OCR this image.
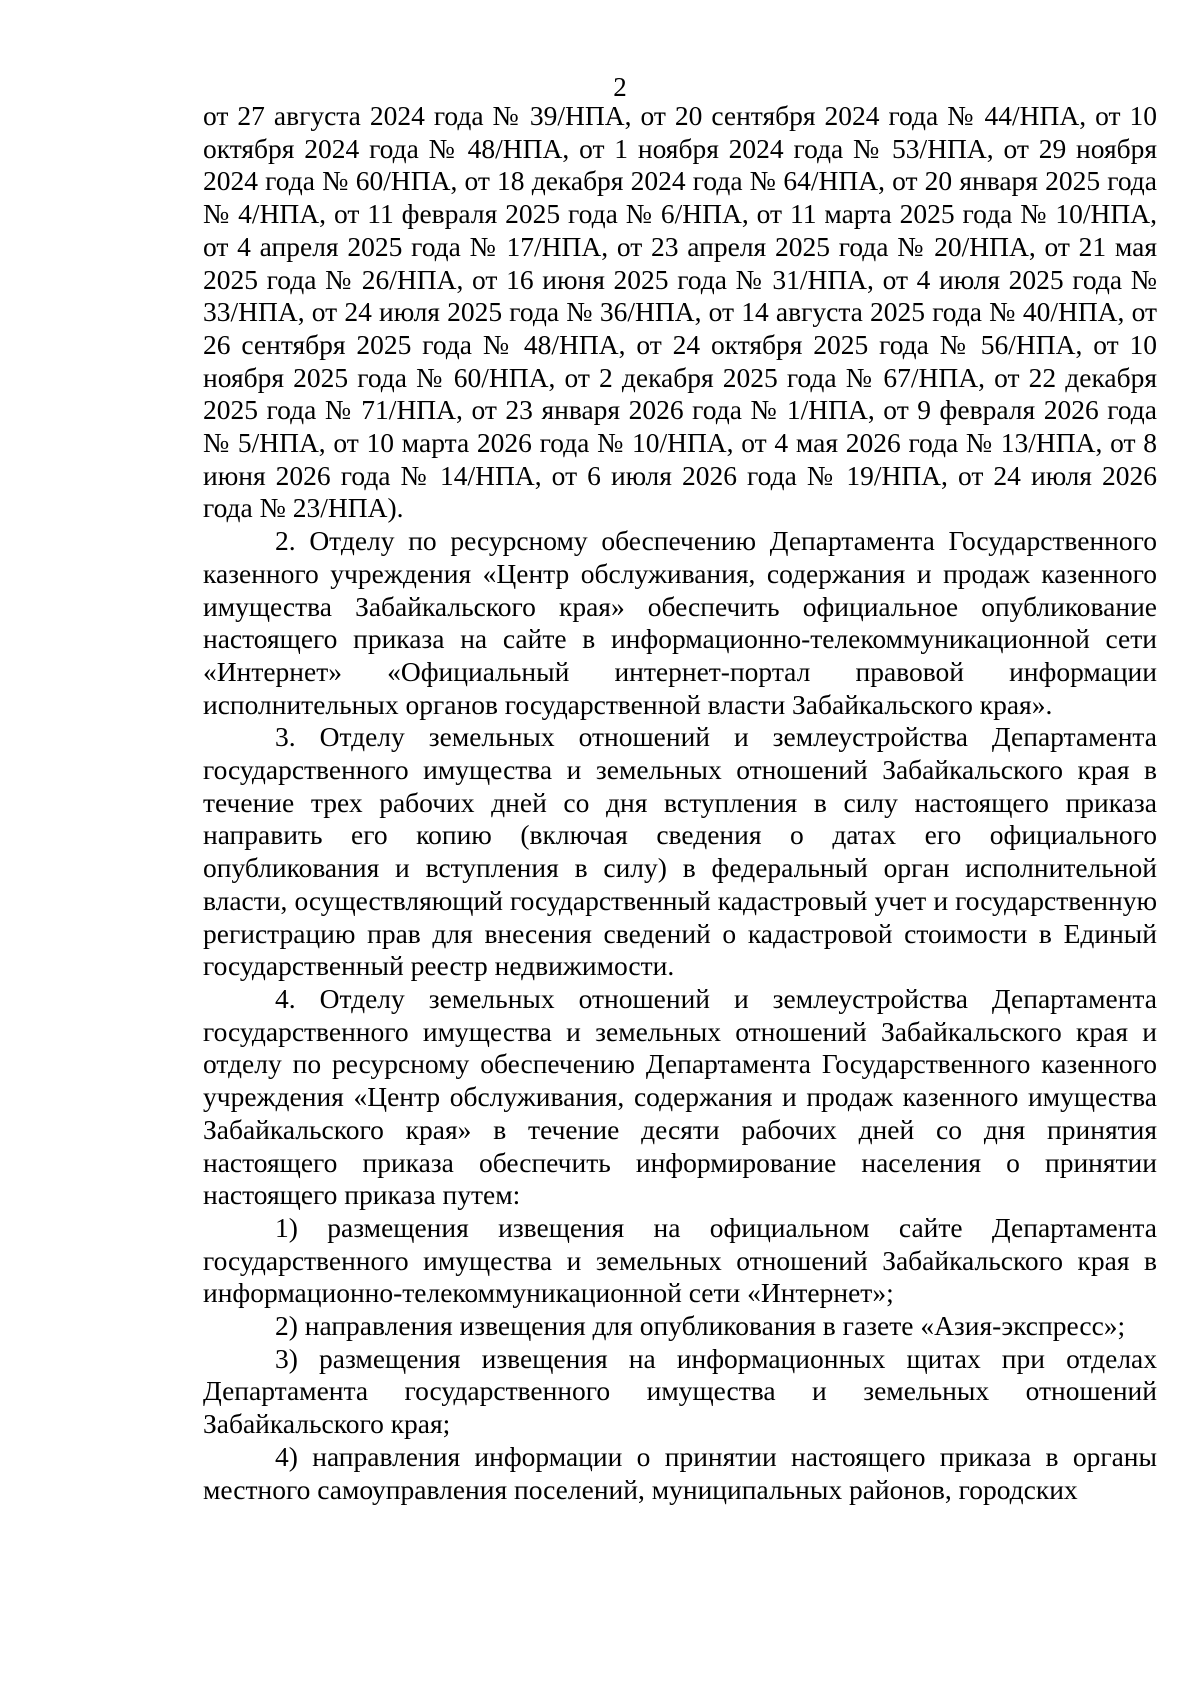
2

от 27 августа 2024 года № 39/НПА, от 20 сентября 2024 года № 44/НПА, от 10 октября 2024 года № 48/НПА, от 1 ноября 2024 года № 53/НПА, от 29 ноября 2024 года № 60/НПА, от 18 декабря 2024 года № 64/НПА, от 20 января 2025 года № 4/НПА, от 11 февраля 2025 года № 6/НПА, от 11 марта 2025 года № 10/НПА, от 4 апреля 2025 года № 17/НПА, от 23 апреля 2025 года № 20/НПА, от 21 мая 2025 года № 26/НПА, от 16 июня 2025 года № 31/НПА, от 4 июля 2025 года № 33/НПА, от 24 июля 2025 года № 36/НПА, от 14 августа 2025 года № 40/НПА, от 26 сентября 2025 года № 48/НПА, от 24 октября 2025 года № 56/НПА, от 10 ноября 2025 года № 60/НПА, от 2 декабря 2025 года № 67/НПА, от 22 декабря 2025 года № 71/НПА, от 23 января 2026 года № 1/НПА, от 9 февраля 2026 года № 5/НПА, от 10 марта 2026 года № 10/НПА, от 4 мая 2026 года № 13/НПА, от 8 июня 2026 года № 14/НПА, от 6 июля 2026 года № 19/НПА, от 24 июля 2026 года № 23/НПА).

2. Отделу по ресурсному обеспечению Департамента Государственного казенного учреждения «Центр обслуживания, содержания и продаж казенного имущества Забайкальского края» обеспечить официальное опубликование настоящего приказа на сайте в информационно-телекоммуникационной сети «Интернет» «Официальный интернет-портал правовой информации исполнительных органов государственной власти Забайкальского края».

3. Отделу земельных отношений и землеустройства Департамента государственного имущества и земельных отношений Забайкальского края в течение трех рабочих дней со дня вступления в силу настоящего приказа направить его копию (включая сведения о датах его официального опубликования и вступления в силу) в федеральный орган исполнительной власти, осуществляющий государственный кадастровый учет и государственную регистрацию прав для внесения сведений о кадастровой стоимости в Единый государственный реестр недвижимости.

4. Отделу земельных отношений и землеустройства Департамента государственного имущества и земельных отношений Забайкальского края и отделу по ресурсному обеспечению Департамента Государственного казенного учреждения «Центр обслуживания, содержания и продаж казенного имущества Забайкальского края» в течение десяти рабочих дней со дня принятия настоящего приказа обеспечить информирование населения о принятии настоящего приказа путем:

1) размещения извещения на официальном сайте Департамента государственного имущества и земельных отношений Забайкальского края в информационно-телекоммуникационной сети «Интернет»;

2) направления извещения для опубликования в газете «Азия-экспресс»;

3) размещения извещения на информационных щитах при отделах Департамента государственного имущества и земельных отношений Забайкальского края;

4) направления информации о принятии настоящего приказа в органы местного самоуправления поселений, муниципальных районов, городских
